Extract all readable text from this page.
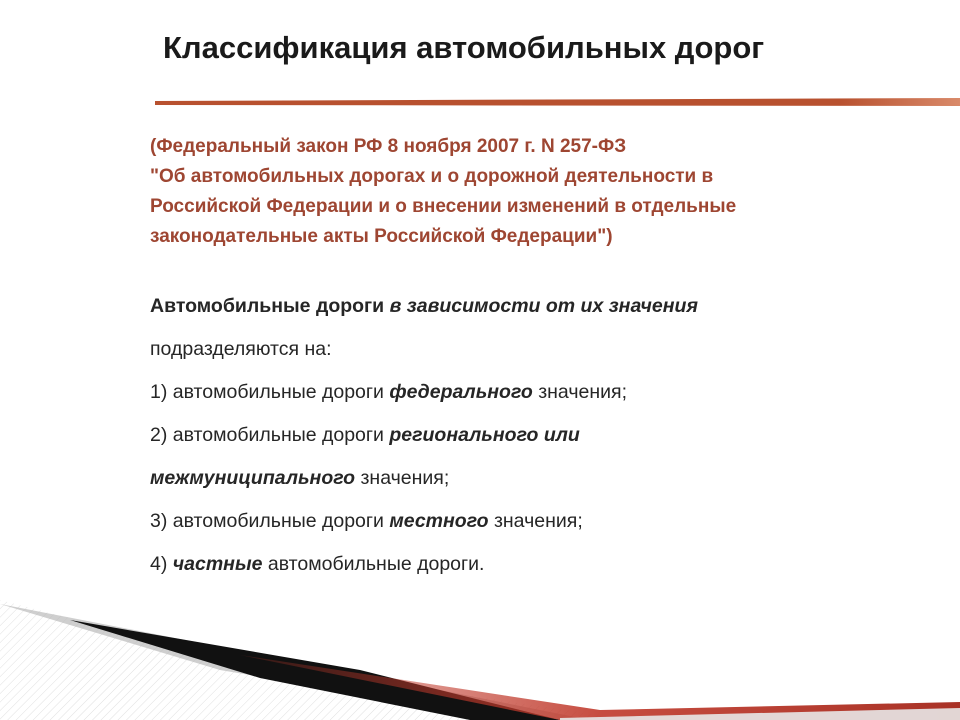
Классификация автомобильных дорог
(Федеральный закон РФ 8 ноября 2007 г. N 257-ФЗ
"Об автомобильных дорогах и о дорожной деятельности в
Российской Федерации и о внесении изменений в отдельные
законодательные акты Российской Федерации")
Автомобильные дороги в зависимости от их значения
подразделяются на:
1) автомобильные дороги федерального значения;
2) автомобильные дороги регионального или
межмуниципального значения;
3) автомобильные дороги местного значения;
4) частные автомобильные дороги.
